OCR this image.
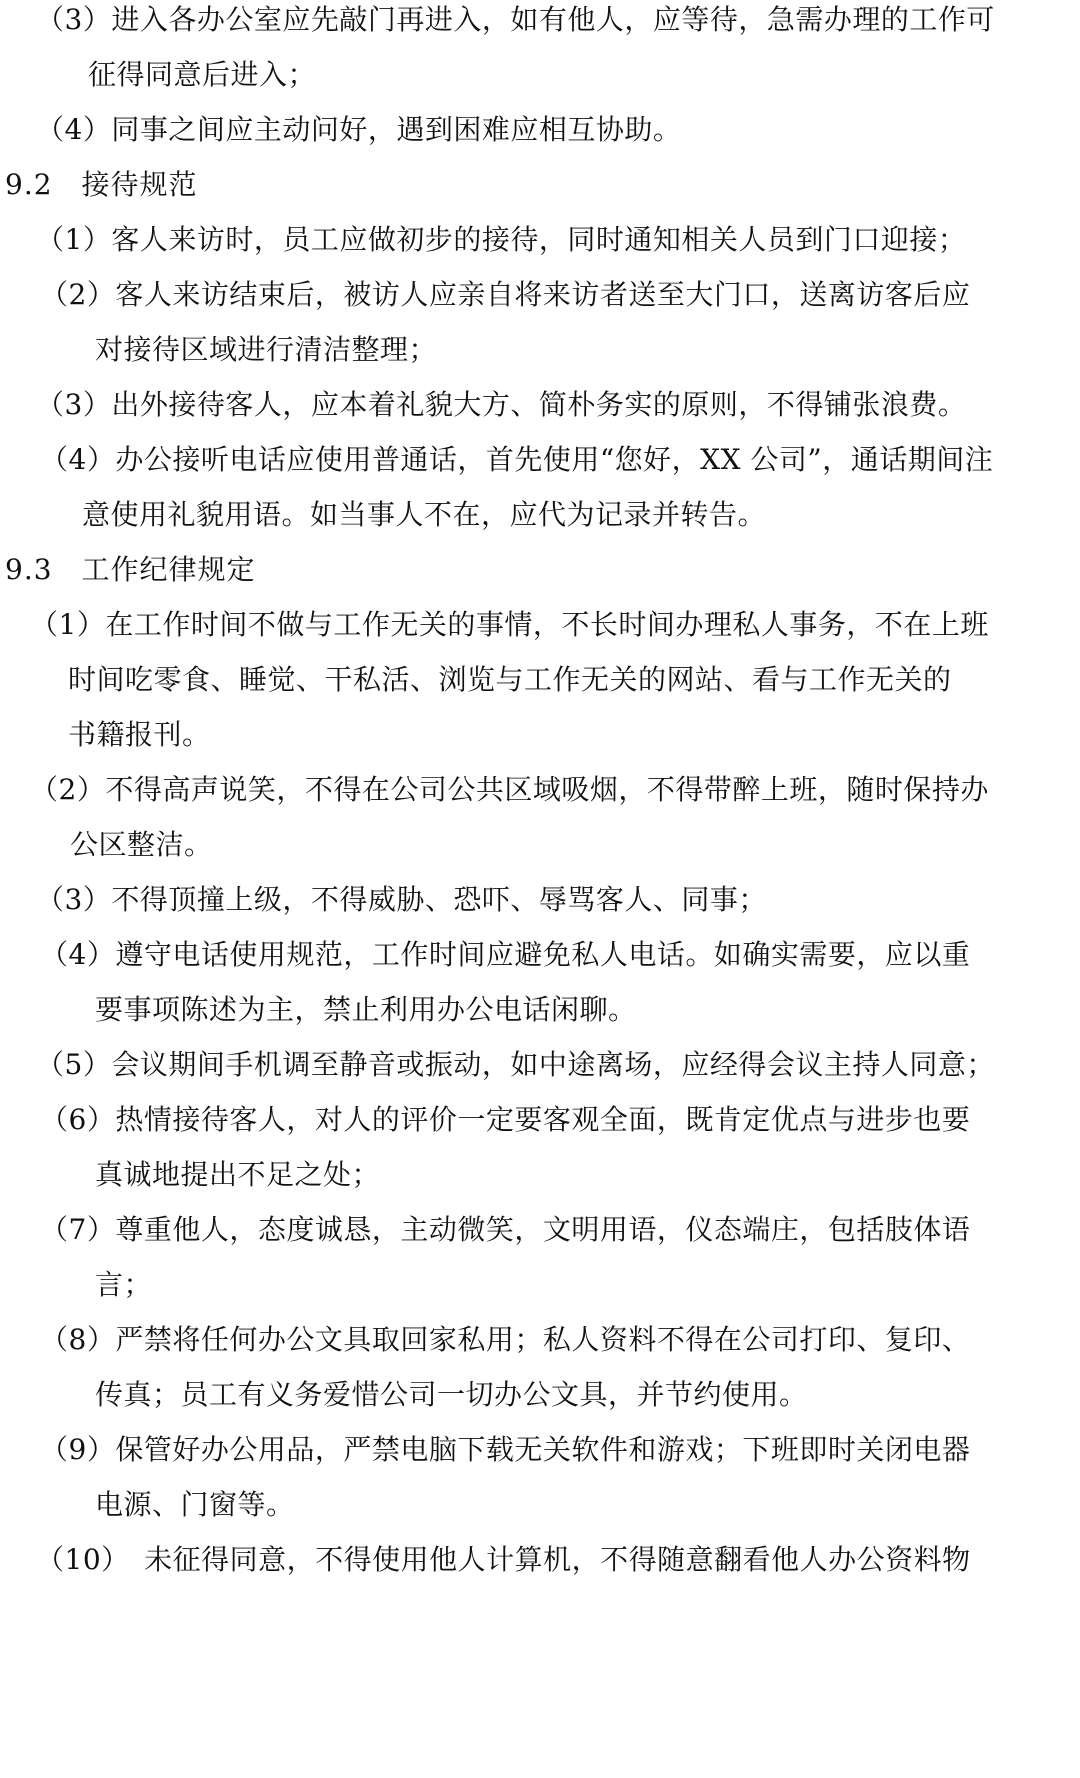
（3）进入各办公室应先敲门再进入，如有他人，应等待，急需办理的工作可
征得同意后进入；
（4）同事之间应主动问好，遇到困难应相互协助。
9.2　接待规范
（1）客人来访时，员工应做初步的接待，同时通知相关人员到门口迎接；
（2）客人来访结束后，被访人应亲自将来访者送至大门口，送离访客后应
对接待区域进行清洁整理；
（3）出外接待客人，应本着礼貌大方、简朴务实的原则，不得铺张浪费。
（4）办公接听电话应使用普通话，首先使用“您好，XX 公司”，通话期间注
意使用礼貌用语。如当事人不在，应代为记录并转告。
9.3　工作纪律规定
（1）在工作时间不做与工作无关的事情，不长时间办理私人事务，不在上班
时间吃零食、睡觉、干私活、浏览与工作无关的网站、看与工作无关的
书籍报刊。
（2）不得高声说笑，不得在公司公共区域吸烟，不得带醉上班，随时保持办
公区整洁。
（3）不得顶撞上级，不得威胁、恐吓、辱骂客人、同事；
（4）遵守电话使用规范，工作时间应避免私人电话。如确实需要，应以重
要事项陈述为主，禁止利用办公电话闲聊。
（5）会议期间手机调至静音或振动，如中途离场，应经得会议主持人同意；
（6）热情接待客人，对人的评价一定要客观全面，既肯定优点与进步也要
真诚地提出不足之处；
（7）尊重他人，态度诚恳，主动微笑，文明用语，仪态端庄，包括肢体语
言；
（8）严禁将任何办公文具取回家私用；私人资料不得在公司打印、复印、
传真；员工有义务爱惜公司一切办公文具，并节约使用。
（9）保管好办公用品，严禁电脑下载无关软件和游戏；下班即时关闭电器
电源、门窗等。
（10）　未征得同意，不得使用他人计算机，不得随意翻看他人办公资料物
